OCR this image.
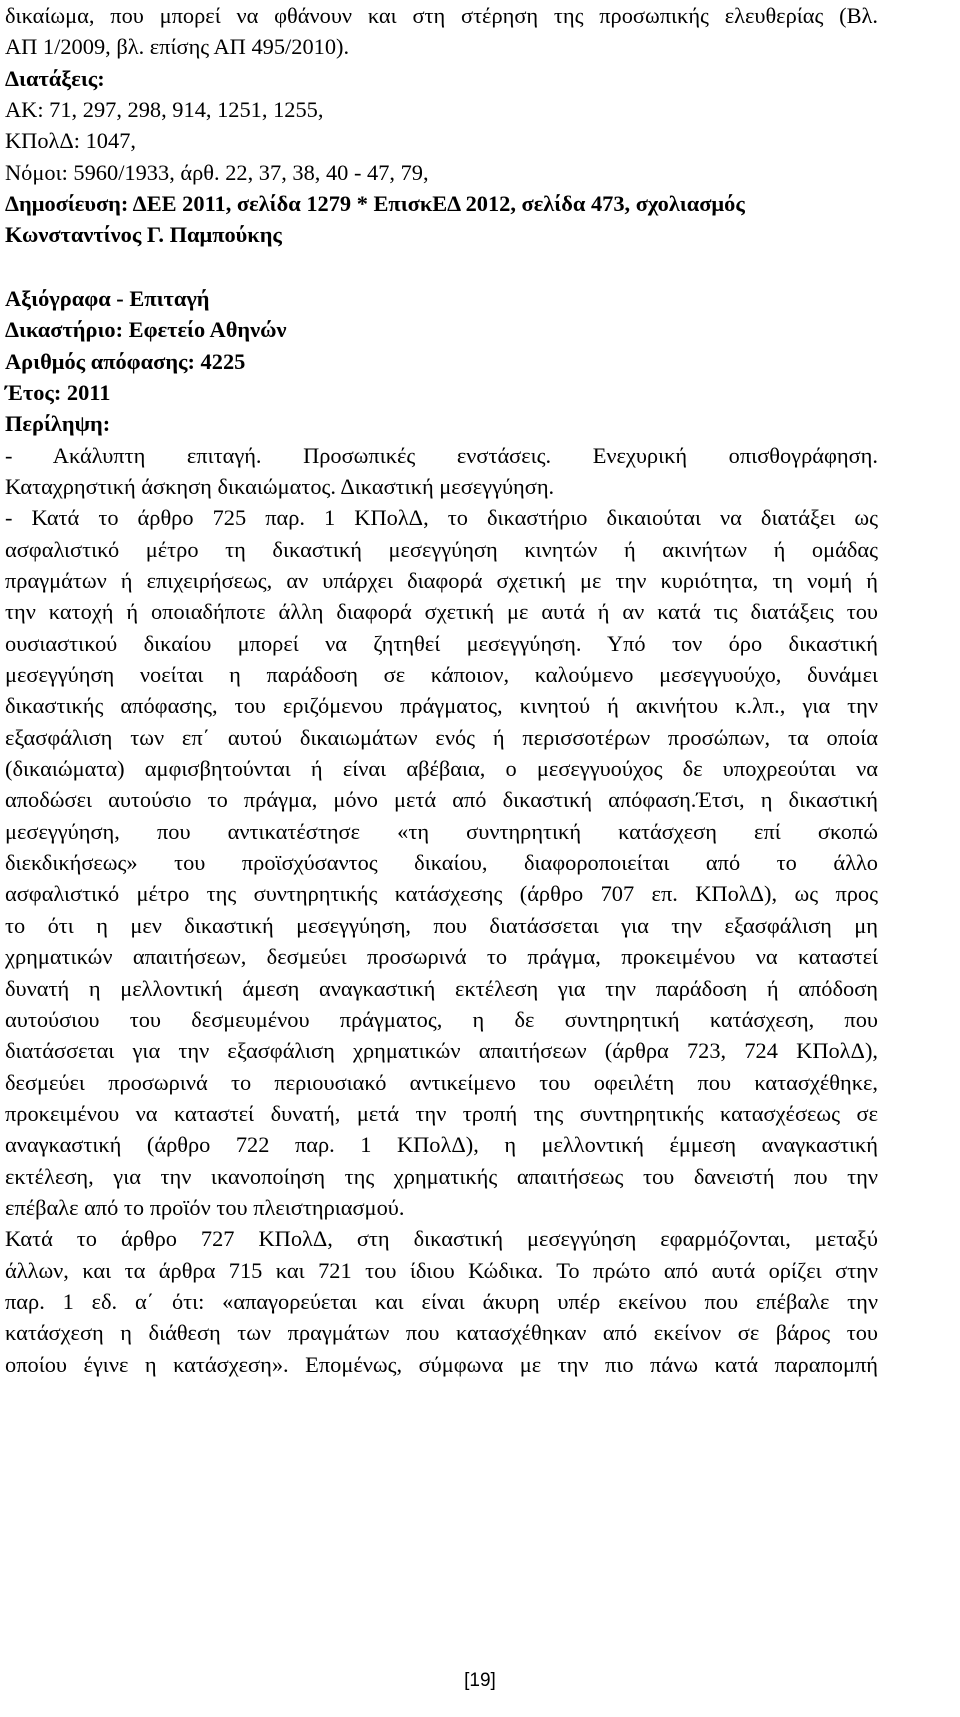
δικαίωμα, που μπορεί να φθάνουν και στη στέρηση της προσωπικής ελευθερίας (Βλ.
ΑΠ 1/2009, βλ. επίσης ΑΠ 495/2010).
Διατάξεις:
ΑΚ: 71, 297, 298, 914, 1251, 1255,
ΚΠολΔ: 1047,
Νόμοι: 5960/1933, άρθ. 22, 37, 38, 40 - 47, 79,
Δημοσίευση: ΔΕΕ 2011, σελίδα 1279 * ΕπισκΕΔ 2012, σελίδα 473, σχολιασμός
Κωνσταντίνος Γ. Παμπούκης
Αξιόγραφα - Επιταγή
Δικαστήριο: Εφετείο Αθηνών
Αριθμός απόφασης: 4225
Έτος: 2011
Περίληψη:
- Ακάλυπτη επιταγή. Προσωπικές ενστάσεις. Ενεχυρική οπισθογράφηση.
Καταχρηστική άσκηση δικαιώματος. Δικαστική μεσεγγύηση.
- Κατά το άρθρο 725 παρ. 1 ΚΠολΔ, το δικαστήριο δικαιούται να διατάξει ως
ασφαλιστικό μέτρο τη δικαστική μεσεγγύηση κινητών ή ακινήτων ή ομάδας
πραγμάτων ή επιχειρήσεως, αν υπάρχει διαφορά σχετική με την κυριότητα, τη νομή ή
την κατοχή ή οποιαδήποτε άλλη διαφορά σχετική με αυτά ή αν κατά τις διατάξεις του
ουσιαστικού δικαίου μπορεί να ζητηθεί μεσεγγύηση. Υπό τον όρο δικαστική
μεσεγγύηση νοείται η παράδοση σε κάποιον, καλούμενο μεσεγγυούχο, δυνάμει
δικαστικής απόφασης, του εριζόμενου πράγματος, κινητού ή ακινήτου κ.λπ., για την
εξασφάλιση των επ΄ αυτού δικαιωμάτων ενός ή περισσοτέρων προσώπων, τα οποία
(δικαιώματα) αμφισβητούνται ή είναι αβέβαια, ο μεσεγγυούχος δε υποχρεούται να
αποδώσει αυτούσιο το πράγμα, μόνο μετά από δικαστική απόφαση.Έτσι, η δικαστική
μεσεγγύηση, που αντικατέστησε «τη συντηρητική κατάσχεση επί σκοπώ
διεκδικήσεως» του προϊσχύσαντος δικαίου, διαφοροποιείται από το άλλο
ασφαλιστικό μέτρο της συντηρητικής κατάσχεσης (άρθρο 707 επ. ΚΠολΔ), ως προς
το ότι η μεν δικαστική μεσεγγύηση, που διατάσσεται για την εξασφάλιση μη
χρηματικών απαιτήσεων, δεσμεύει προσωρινά το πράγμα, προκειμένου να καταστεί
δυνατή η μελλοντική άμεση αναγκαστική εκτέλεση για την παράδοση ή απόδοση
αυτούσιου του δεσμευμένου πράγματος, η δε συντηρητική κατάσχεση, που
διατάσσεται για την εξασφάλιση χρηματικών απαιτήσεων (άρθρα 723, 724 ΚΠολΔ),
δεσμεύει προσωρινά το περιουσιακό αντικείμενο του οφειλέτη που κατασχέθηκε,
προκειμένου να καταστεί δυνατή, μετά την τροπή της συντηρητικής κατασχέσεως σε
αναγκαστική (άρθρο 722 παρ. 1 ΚΠολΔ), η μελλοντική έμμεση αναγκαστική
εκτέλεση, για την ικανοποίηση της χρηματικής απαιτήσεως του δανειστή που την
επέβαλε από το προϊόν του πλειστηριασμού.
Κατά το άρθρο 727 ΚΠολΔ, στη δικαστική μεσεγγύηση εφαρμόζονται, μεταξύ
άλλων, και τα άρθρα 715 και 721 του ίδιου Κώδικα. Το πρώτο από αυτά ορίζει στην
παρ. 1 εδ. α΄ ότι: «απαγορεύεται και είναι άκυρη υπέρ εκείνου που επέβαλε την
κατάσχεση η διάθεση των πραγμάτων που κατασχέθηκαν από εκείνον σε βάρος του
οποίου έγινε η κατάσχεση». Επομένως, σύμφωνα με την πιο πάνω κατά παραπομπή
[19]
